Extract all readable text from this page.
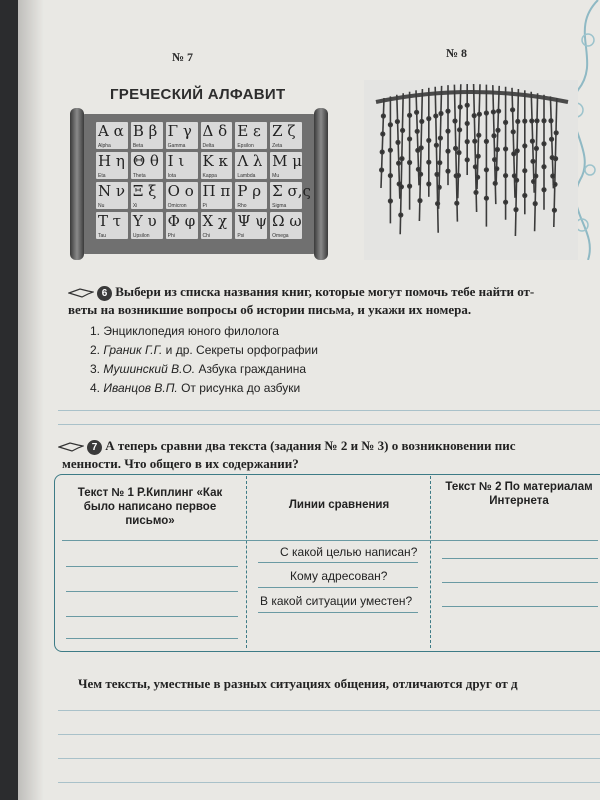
№ 7	№ 8
ГРЕЧЕСКИЙ АЛФАВИТ
Α α
Alpha
Β β
Beta
Γ γ
Gamma
Δ δ
Delta
Ε ε
Epsilon
Ζ ζ
Zeta
Η η
Eta
Θ θ
Theta
Ι ι
Iota
Κ κ
Kappa
Λ λ
Lambda
Μ μ
Mu
Ν ν
Nu
Ξ ξ
Xi
Ο ο
Omicron
Π π
Pi
Ρ ρ
Rho
Σ σ,ς
Sigma
Τ τ
Tau
Υ υ
Upsilon
Φ φ
Phi
Χ χ
Chi
Ψ ψ
Psi
Ω ω
Omega
6 Выбери из списка названия книг, которые могут помочь тебе найти от-
веты на возникшие вопросы об истории письма, и укажи их номера.
1. Энциклопедия юного филолога
2. Граник Г.Г. и др. Секреты орфографии
3. Мушинский В.О. Азбука гражданина
4. Иванцов В.П. От рисунка до азбуки
7 А теперь сравни два текста (задания № 2 и № 3) о возникновении пис
менности. Что общего в их содержании?
Текст № 1 Р.Киплинг «Как было написано первое письмо»
Линии сравнения
Текст № 2 По материалам Интернета
С какой целью написан?
Кому адресован?
В какой ситуации уместен?
Чем тексты, уместные в разных ситуациях общения, отличаются друг от д
